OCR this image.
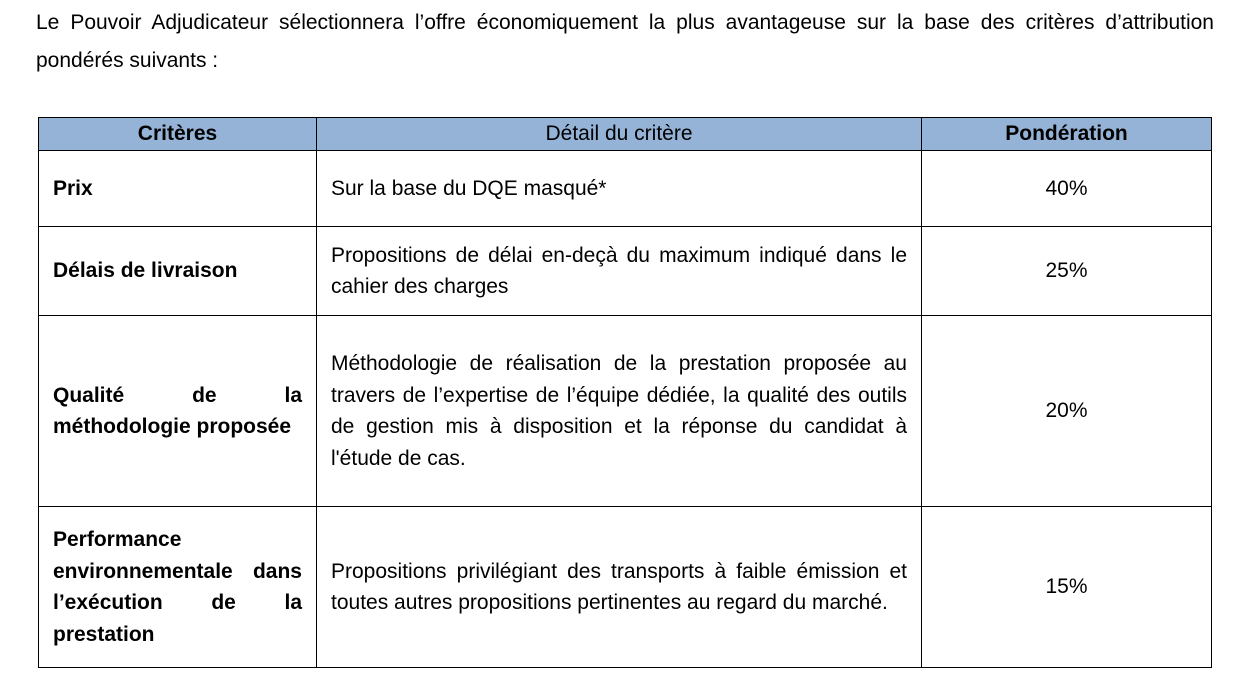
Le Pouvoir Adjudicateur sélectionnera l’offre économiquement la plus avantageuse sur la base des critères d’attribution pondérés suivants :

Critères	Détail du critère	Pondération
Prix	Sur la base du DQE masqué*	40%
Délais de livraison	Propositions de délai en-deçà du maximum indiqué dans le cahier des charges	25%
Qualité de la méthodologie proposée	Méthodologie de réalisation de la prestation proposée au travers de l’expertise de l’équipe dédiée, la qualité des outils de gestion mis à disposition et la réponse du candidat à l'étude de cas.	20%
Performance environnementale dans l’exécution de la prestation	Propositions privilégiant des transports à faible émission et toutes autres propositions pertinentes au regard du marché.	15%
